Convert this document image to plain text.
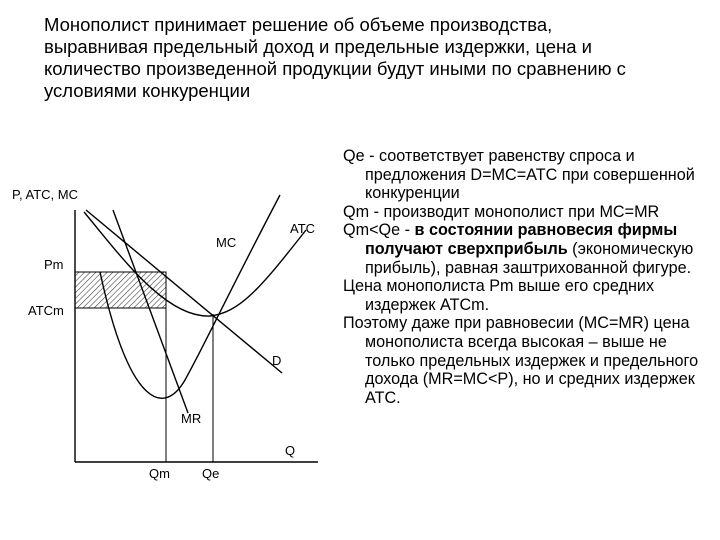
Монополист принимает решение об объеме производства,
выравнивая предельный доход и предельные издержки, цена и
количество произведенной продукции будут иными по сравнению с
условиями конкуренции
P, ATC, MC
Q
ATC
MC
D
MR
Pm
ATCm
Qm Qe
Qe - соответствует равенству спроса и предложения D=MC=ATC при совершенной конкуренции
Qm - производит монополист при MC=MR
Qm<Qe - в состоянии равновесия фирмы получают сверхприбыль (экономическую прибыль), равная заштрихованной фигуре.
Цена монополиста Pm выше его средних издержек ATCm.
Поэтому даже при равновесии (MC=MR) цена монополиста всегда высокая – выше не только предельных издержек и предельного дохода (MR=MC<P), но и средних издержек ATC.
